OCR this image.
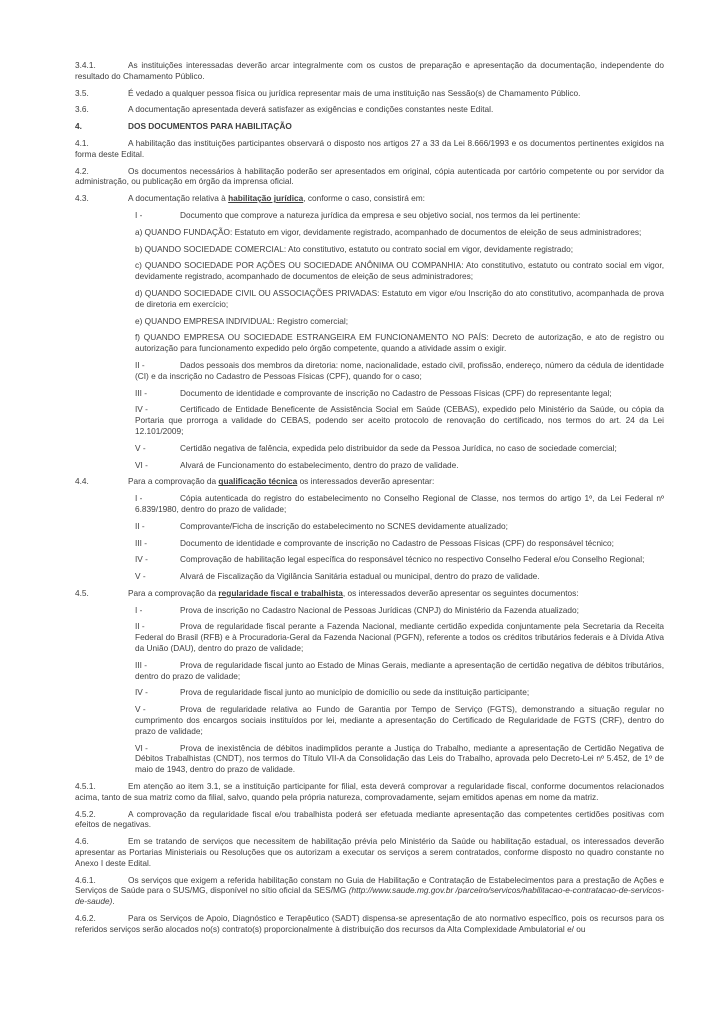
3.4.1.	As instituições interessadas deverão arcar integralmente com os custos de preparação e apresentação da documentação, independente do resultado do Chamamento Público.

3.5.	É vedado a qualquer pessoa física ou jurídica representar mais de uma instituição nas Sessão(s) de Chamamento Público.

3.6.	A documentação apresentada deverá satisfazer as exigências e condições constantes neste Edital.

4.	DOS DOCUMENTOS PARA HABILITAÇÃO

4.1.	A habilitação das instituições participantes observará o disposto nos artigos 27 a 33 da Lei 8.666/1993 e os documentos pertinentes exigidos na forma deste Edital.

4.2.	Os documentos necessários à habilitação poderão ser apresentados em original, cópia autenticada por cartório competente ou por servidor da administração, ou publicação em órgão da imprensa oficial.

4.3.	A documentação relativa à habilitação jurídica, conforme o caso, consistirá em:

I -	Documento que comprove a natureza jurídica da empresa e seu objetivo social, nos termos da lei pertinente:

a) QUANDO FUNDAÇÃO: Estatuto em vigor, devidamente registrado, acompanhado de documentos de eleição de seus administradores;

b) QUANDO SOCIEDADE COMERCIAL: Ato constitutivo, estatuto ou contrato social em vigor, devidamente registrado;

c) QUANDO SOCIEDADE POR AÇÕES OU SOCIEDADE ANÔNIMA OU COMPANHIA: Ato constitutivo, estatuto ou contrato social em vigor, devidamente registrado, acompanhado de documentos de eleição de seus administradores;

d) QUANDO SOCIEDADE CIVIL OU ASSOCIAÇÕES PRIVADAS: Estatuto em vigor e/ou Inscrição do ato constitutivo, acompanhada de prova de diretoria em exercício;

e) QUANDO EMPRESA INDIVIDUAL: Registro comercial;

f) QUANDO EMPRESA OU SOCIEDADE ESTRANGEIRA EM FUNCIONAMENTO NO PAÍS: Decreto de autorização, e ato de registro ou autorização para funcionamento expedido pelo órgão competente, quando a atividade assim o exigir.

II -	Dados pessoais dos membros da diretoria: nome, nacionalidade, estado civil, profissão, endereço, número da cédula de identidade (CI) e da inscrição no Cadastro de Pessoas Físicas (CPF), quando for o caso;

III -	Documento de identidade e comprovante de inscrição no Cadastro de Pessoas Físicas (CPF) do representante legal;

IV -	Certificado de Entidade Beneficente de Assistência Social em Saúde (CEBAS), expedido pelo Ministério da Saúde, ou cópia da Portaria que prorroga a validade do CEBAS, podendo ser aceito protocolo de renovação do certificado, nos termos do art. 24 da Lei 12.101/2009;

V -	Certidão negativa de falência, expedida pelo distribuidor da sede da Pessoa Jurídica, no caso de sociedade comercial;

VI -	Alvará de Funcionamento do estabelecimento, dentro do prazo de validade.

4.4.	Para a comprovação da qualificação técnica os interessados deverão apresentar:

I -	Cópia autenticada do registro do estabelecimento no Conselho Regional de Classe, nos termos do artigo 1º, da Lei Federal nº 6.839/1980, dentro do prazo de validade;

II -	Comprovante/Ficha de inscrição do estabelecimento no SCNES devidamente atualizado;

III -	Documento de identidade e comprovante de inscrição no Cadastro de Pessoas Físicas (CPF) do responsável técnico;

IV -	Comprovação de habilitação legal específica do responsável técnico no respectivo Conselho Federal e/ou Conselho Regional;

V -	Alvará de Fiscalização da Vigilância Sanitária estadual ou municipal, dentro do prazo de validade.

4.5.	Para a comprovação da regularidade fiscal e trabalhista, os interessados deverão apresentar os seguintes documentos:

I -	Prova de inscrição no Cadastro Nacional de Pessoas Jurídicas (CNPJ) do Ministério da Fazenda atualizado;

II -	Prova de regularidade fiscal perante a Fazenda Nacional, mediante certidão expedida conjuntamente pela Secretaria da Receita Federal do Brasil (RFB) e à Procuradoria-Geral da Fazenda Nacional (PGFN), referente a todos os créditos tributários federais e à Dívida Ativa da União (DAU), dentro do prazo de validade;

III -	Prova de regularidade fiscal junto ao Estado de Minas Gerais, mediante a apresentação de certidão negativa de débitos tributários, dentro do prazo de validade;

IV -	Prova de regularidade fiscal junto ao município de domicílio ou sede da instituição participante;

V -	Prova de regularidade relativa ao Fundo de Garantia por Tempo de Serviço (FGTS), demonstrando a situação regular no cumprimento dos encargos sociais instituídos por lei, mediante a apresentação do Certificado de Regularidade de FGTS (CRF), dentro do prazo de validade;

VI -	Prova de inexistência de débitos inadimplidos perante a Justiça do Trabalho, mediante a apresentação de Certidão Negativa de Débitos Trabalhistas (CNDT), nos termos do Título VII-A da Consolidação das Leis do Trabalho, aprovada pelo Decreto-Lei nº 5.452, de 1º de maio de 1943, dentro do prazo de validade.

4.5.1.	Em atenção ao item 3.1, se a instituição participante for filial, esta deverá comprovar a regularidade fiscal, conforme documentos relacionados acima, tanto de sua matriz como da filial, salvo, quando pela própria natureza, comprovadamente, sejam emitidos apenas em nome da matriz.

4.5.2.	A comprovação da regularidade fiscal e/ou trabalhista poderá ser efetuada mediante apresentação das competentes certidões positivas com efeitos de negativas.

4.6.	Em se tratando de serviços que necessitem de habilitação prévia pelo Ministério da Saúde ou habilitação estadual, os interessados deverão apresentar as Portarias Ministeriais ou Resoluções que os autorizam a executar os serviços a serem contratados, conforme disposto no quadro constante no Anexo I deste Edital.

4.6.1.	Os serviços que exigem a referida habilitação constam no Guia de Habilitação e Contratação de Estabelecimentos para a prestação de Ações e Serviços de Saúde para o SUS/MG, disponível no sítio oficial da SES/MG (http://www.saude.mg.gov.br /parceiro/servicos/habilitacao-e-contratacao-de-servicos-de-saude).

4.6.2.	Para os Serviços de Apoio, Diagnóstico e Terapêutico (SADT) dispensa-se apresentação de ato normativo específico, pois os recursos para os referidos serviços serão alocados no(s) contrato(s) proporcionalmente à distribuição dos recursos da Alta Complexidade Ambulatorial e/ ou
